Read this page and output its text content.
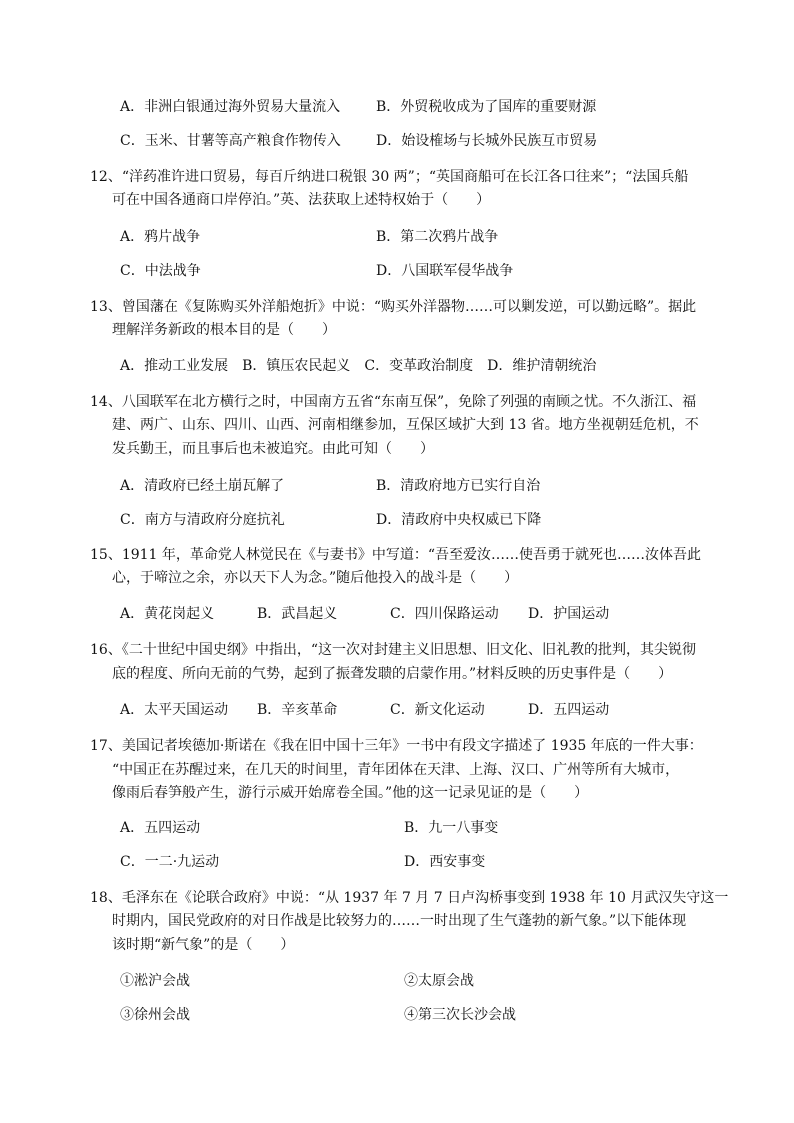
A．非洲白银通过海外贸易大量流入	B．外贸税收成为了国库的重要财源
C．玉米、甘薯等高产粮食作物传入	D．始设榷场与长城外民族互市贸易
12、“洋药准许进口贸易，每百斤纳进口税银 30 两”；“英国商船可在长江各口往来”；“法国兵船
可在中国各通商口岸停泊。”英、法获取上述特权始于（　　）
A．鸦片战争	B．第二次鸦片战争
C．中法战争	D．八国联军侵华战争
13、曾国藩在《复陈购买外洋船炮折》中说：“购买外洋器物……可以剿发逆，可以勤远略”。据此
理解洋务新政的根本目的是（　　）
A．推动工业发展　B．镇压农民起义　C．变革政治制度　D．维护清朝统治
14、八国联军在北方横行之时，中国南方五省“东南互保”，免除了列强的南顾之忧。不久浙江、福
建、两广、山东、四川、山西、河南相继参加，互保区域扩大到 13 省。地方坐视朝廷危机，不
发兵勤王，而且事后也未被追究。由此可知（　　）
A．清政府已经土崩瓦解了	B．清政府地方已实行自治
C．南方与清政府分庭抗礼	D．清政府中央权威已下降
15、1911 年，革命党人林觉民在《与妻书》中写道：“吾至爱汝……使吾勇于就死也……汝体吾此
心，于啼泣之余，亦以天下人为念。”随后他投入的战斗是（　　）
A．黄花岗起义	B．武昌起义	C．四川保路运动 D．护国运动
16、《二十世纪中国史纲》中指出，“这一次对封建主义旧思想、旧文化、旧礼教的批判，其尖锐彻
底的程度、所向无前的气势，起到了振聋发聩的启蒙作用。”材料反映的历史事件是（　　）
A．太平天国运动 B．辛亥革命	C．新文化运动	D．五四运动
17、美国记者埃德加·斯诺在《我在旧中国十三年》一书中有段文字描述了 1935 年底的一件大事：
“中国正在苏醒过来，在几天的时间里，青年团体在天津、上海、汉口、广州等所有大城市，
像雨后春笋般产生，游行示威开始席卷全国。”他的这一记录见证的是（　　）
A．五四运动	B．九一八事变
C．一二·九运动	D．西安事变
18、毛泽东在《论联合政府》中说：“从 1937 年 7 月 7 日卢沟桥事变到 1938 年 10 月武汉失守这一
时期内，国民党政府的对日作战是比较努力的……一时出现了生气蓬勃的新气象。”以下能体现
该时期“新气象”的是（　　）
①淞沪会战	②太原会战
③徐州会战	④第三次长沙会战
